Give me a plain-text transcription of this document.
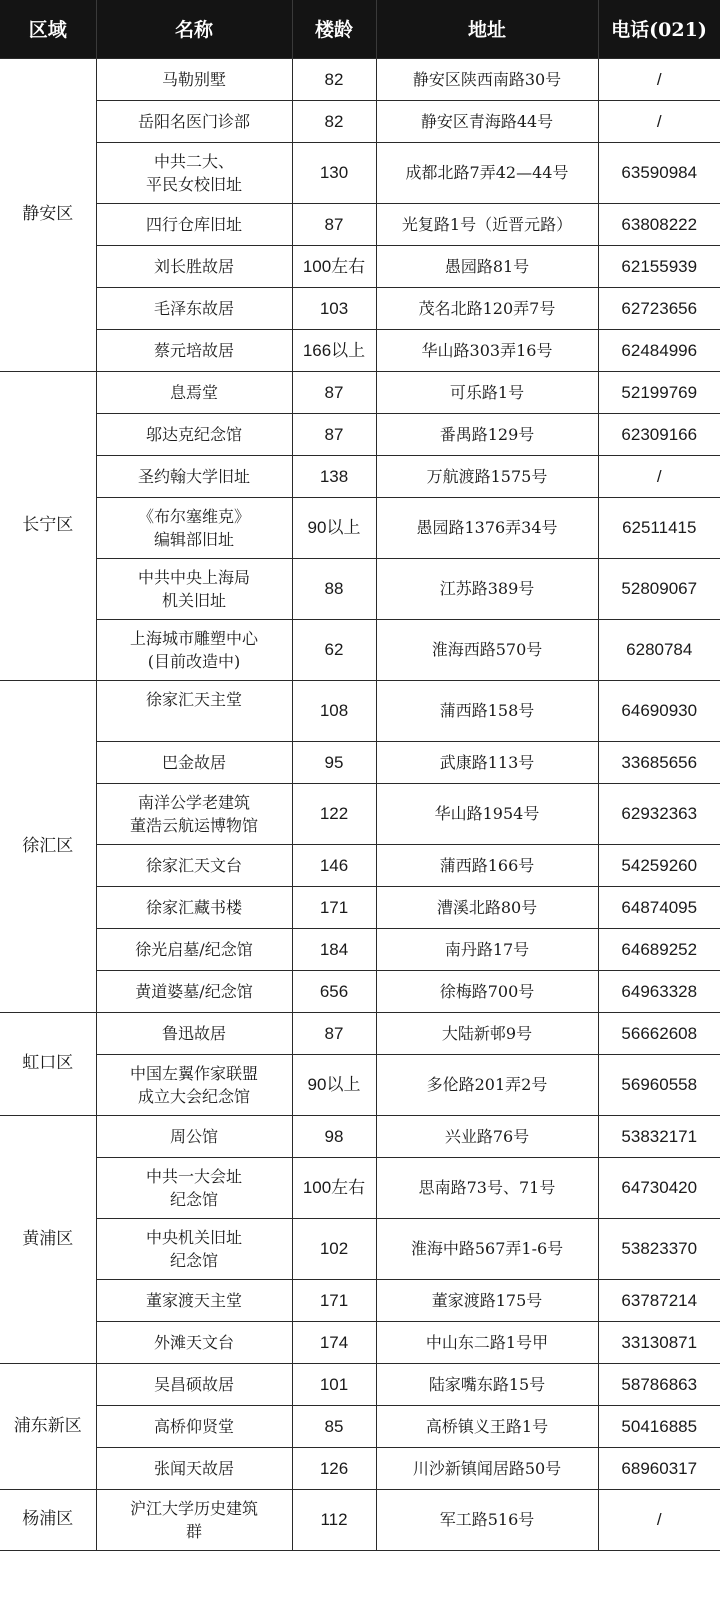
区域	名称	楼龄	地址	电话(021)
静安区	马勒别墅	82	静安区陕西南路30号	/

	岳阳名医门诊部	82	静安区青海路44号	/

	中共二大、
平民女校旧址	130	成都北路7弄42—44号	63590984

	四行仓库旧址	87	光复路1号（近晋元路）	63808222

	刘长胜故居	100左右	愚园路81号	62155939

	毛泽东故居	103	茂名北路120弄7号	62723656

	蔡元培故居	166以上	华山路303弄16号	62484996
长宁区	息焉堂	87	可乐路1号	52199769

	邬达克纪念馆	87	番禺路129号	62309166

	圣约翰大学旧址	138	万航渡路1575号	/

	《布尔塞维克》
编辑部旧址	90以上	愚园路1376弄34号	62511415

	中共中央上海局
机关旧址	88	江苏路389号	52809067

	上海城市雕塑中心
(目前改造中)	62	淮海西路570号	6280784
徐汇区	徐家汇天主堂	108	蒲西路158号	64690930

	巴金故居	95	武康路113号	33685656

	南洋公学老建筑
董浩云航运博物馆	122	华山路1954号	62932363

	徐家汇天文台	146	蒲西路166号	54259260

	徐家汇藏书楼	171	漕溪北路80号	64874095

	徐光启墓/纪念馆	184	南丹路17号	64689252

	黄道婆墓/纪念馆	656	徐梅路700号	64963328
虹口区	鲁迅故居	87	大陆新邨9号	56662608

	中国左翼作家联盟
成立大会纪念馆	90以上	多伦路201弄2号	56960558
黄浦区	周公馆	98	兴业路76号	53832171

	中共一大会址
纪念馆	100左右	思南路73号、71号	64730420

	中央机关旧址
纪念馆	102	淮海中路567弄1-6号	53823370

	董家渡天主堂	171	董家渡路175号	63787214

	外滩天文台	174	中山东二路1号甲	33130871
浦东新区	吴昌硕故居	101	陆家嘴东路15号	58786863

	高桥仰贤堂	85	高桥镇义王路1号	50416885

	张闻天故居	126	川沙新镇闻居路50号	68960317
杨浦区	沪江大学历史建筑
群	112	军工路516号	/
